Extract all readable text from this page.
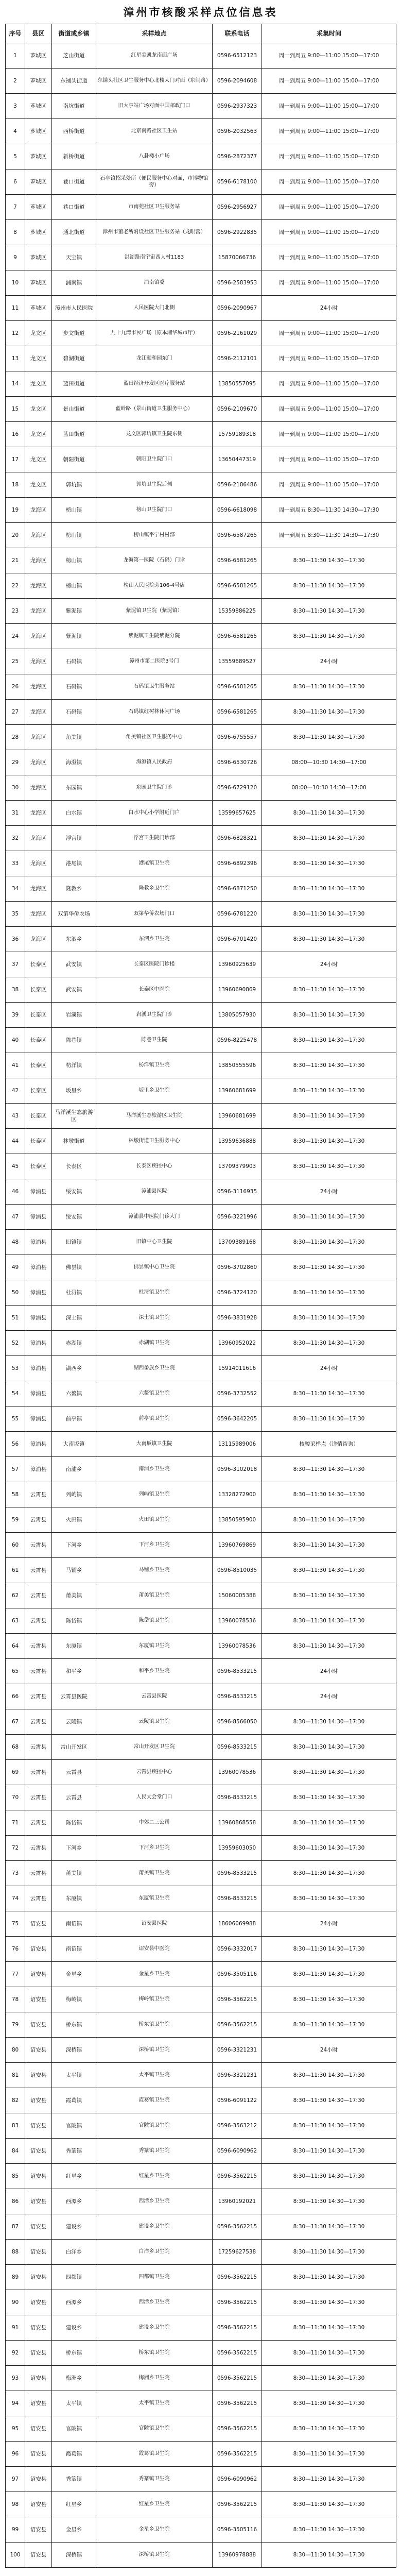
漳州市核酸采样点位信息表
序号	县区	街道或乡镇	采样地点	联系电话	采集时间
1	芗城区	芝山街道	红星美凯龙南面广场	0596-6512123	周一到周五 9:00—11:00 15:00—17:00
2	芗城区	东铺头街道	东铺头社区卫生服务中心北楼大门对面（东闽路）	0596-2094608	周一到周五 9:00—11:00 15:00—17:00
3	芗城区	南坑街道	旧大亨站广场对面中国邮政门口	0596-2937323	周一到周五 9:00—11:00 15:00—17:00
4	芗城区	西桥街道	北京南路社区卫生站	0596-2032563	周一到周五 9:00—11:00 15:00—17:00
5	芗城区	新桥街道	八卦楼小广场	0596-2872377	周一到周五 9:00—11:00 15:00—17:00
6	芗城区	巷口街道	石亭镇招采处所（便民服务中心对面，市博物馆旁）	0596-6178100	周一到周五 9:00—11:00 15:00—17:00
7	芗城区	巷口街道	市南苑社区卫生服务站	0596-2956927	周一到周五 9:00—11:00 15:00—17:00
8	芗城区	通北街道	漳州市董老所附设社区卫生服务站（龙眼营）	0596-2922835	周一到周五 9:00—11:00 15:00—17:00
9	芗城区	天宝镇	洪湖路南宇宙西人村1183	15870066736	周一到周五 9:00—11:00 15:00—17:00
10	芗城区	浦南镇	浦南镇委	0596-2583953	周一到周五 9:00—11:00 15:00—17:00
11	芗城区	漳州市人民医院	人民医院大门北侧	0596-2090967	24小时
12	龙文区	步文街道	九十九湾市民广场（原本湘华城市厅）	0596-2161029	周一到周五 9:00—11:00 15:00—17:00
13	龙文区	碧湖街道	龙江颐和园东门	0596-2112101	周一到周五 9:00—11:00 15:00—17:00
14	龙文区	蓝田街道	蓝田经济开发区医疗服务站	13850557095	周一到周五 9:00—11:00 15:00—17:00
15	龙文区	景山街道	蓝岭路（景山街道卫生服务中心）	0596-2109670	周一到周五 9:00—11:00 15:00—17:00
16	龙文区	蓝田街道	龙文区郭坑镇卫生院东侧	15759189318	周一到周五 9:00—11:00 15:00—17:00
17	龙文区	朝阳街道	朝阳卫生院门口	13650447319	周一到周五 9:00—11:00 15:00—17:00
18	龙文区	郭坑镇	郭坑卫生院后侧	0596-2186486	周一到周五 9:00—11:00 15:00—17:00
19	龙海区	榜山镇	榜山卫生院门口	0596-6618098	周一到周五 8:30—11:30 14:30—17:30
20	龙海区	榜山镇	榜山镇平宁村村部	0596-6587265	周一到周五 8:30—11:30 14:30—17:30
21	龙海区	榜山镇	龙海第一医院（石码）门诊	0596-6581265	8:30—11:30 14:30—17:30
22	龙海区	榜山镇	榜山人民医院旁106-4号店	0596-6581265	8:30—11:30 14:30—17:30
23	龙海区	紫泥镇	紫泥镇卫生院（紫泥镇）	15359886225	8:30—11:30 14:30—17:30
24	龙海区	紫泥镇	紫泥镇卫生院紫泥分院	0596-6581265	8:30—11:30 14:30—17:30
25	龙海区	石码镇	漳州市第二医院3号门	13559689527	24小时
26	龙海区	石码镇	石码镇卫生服务站	0596-6581265	8:30—11:30 14:30—17:30
27	龙海区	石码镇	石码镇红树林休闲广场	0596-6581265	8:30—11:30 14:30—17:30
28	龙海区	角美镇	角美镇社区卫生服务中心	0596-6755557	8:30—11:30 14:30—17:30
29	龙海区	海澄镇	海澄镇人民政府	0596-6530726	08:00—10:30 14:30—17:00
30	龙海区	东园镇	东园卫生院门诊	0596-6729120	08:00—10:30 14:30—17:00
31	龙海区	白水镇	白水中心小学附近门户	13599657625	8:30—11:30 14:30—17:30
32	龙海区	浮宫镇	浮宫卫生院门诊部	0596-6828321	8:30—11:30 14:30—17:30
33	龙海区	港尾镇	港尾镇卫生院	0596-6892396	8:30—11:30 14:30—17:30
34	龙海区	隆教乡	隆教乡卫生院	0596-6871250	8:30—11:30 14:30—17:30
35	龙海区	双第华侨农场	双第华侨农场门口	0596-6781220	8:30—11:30 14:30—17:30
36	龙海区	东泗乡	东泗乡卫生院	0596-6701420	8:30—11:30 14:30—17:30
37	长泰区	武安镇	长泰区医院门诊楼	13960925639	24小时
38	长泰区	武安镇	长泰区中医院	13960690869	8:30—11:30 14:30—17:30
39	长泰区	岩溪镇	岩溪卫生院门诊	13805057930	8:30—11:30 14:30—17:30
40	长泰区	陈巷镇	陈巷卫生院	0596-8225478	8:30—11:30 14:30—17:30
41	长泰区	枋洋镇	枋洋镇卫生院	13850555596	8:30—11:30 14:30—17:30
42	长泰区	坂里乡	坂里乡卫生院	13960681699	8:30—11:30 14:30—17:30
43	长泰区	马洋溪生态旅游区	马洋溪生态旅游区卫生院	13960681699	8:30—11:30 14:30—17:30
44	长泰区	林墩街道	林墩街道卫生服务中心	13959636888	8:30—11:30 14:30—17:30
45	长泰区	长泰区	长泰区疾控中心	13709379903	8:30—11:30 14:30—17:30
46	漳浦县	绥安镇	漳浦县医院	0596-3116935	24小时
47	漳浦县	绥安镇	漳浦县中医院门诊大门	0596-3221996	8:30—11:30 14:30—17:30
48	漳浦县	旧镇镇	旧镇中心卫生院	13709389168	8:30—11:30 14:30—17:30
49	漳浦县	佛昙镇	佛昙镇中心卫生院	0596-3702860	8:30—11:30 14:30—17:30
50	漳浦县	杜浔镇	杜浔镇卫生院	0596-3724120	8:30—11:30 14:30—17:30
51	漳浦县	深土镇	深土镇卫生院	0596-3831928	8:30—11:30 14:30—17:30
52	漳浦县	赤湖镇	赤湖镇卫生院	13960952022	8:30—11:30 14:30—17:30
53	漳浦县	湖西乡	湖西畲族乡卫生院	15914011616	24小时
54	漳浦县	六鳌镇	六鳌镇卫生院	0596-3732552	8:30—11:30 14:30—17:30
55	漳浦县	前亭镇	前亭镇卫生院	0596-3642205	8:30—11:30 14:30—17:30
56	漳浦县	大南坂镇	大南坂镇卫生院	13115989006	核酸采样点（详情咨询）
57	漳浦县	南浦乡	南浦乡卫生院	0596-3102018	8:30—11:30 14:30—17:30
58	云霄县	列屿镇	列屿镇卫生院	13328272900	8:30—11:30 14:30—17:30
59	云霄县	火田镇	火田镇卫生院	13850595900	8:30—11:30 14:30—17:30
60	云霄县	下河乡	下河乡卫生院	13960769869	8:30—11:30 14:30—17:30
61	云霄县	马铺乡	马铺乡卫生院	0596-8510035	8:30—11:30 14:30—17:30
62	云霄县	莆美镇	莆美镇卫生院	15060005388	8:30—11:30 14:30—17:30
63	云霄县	陈岱镇	陈岱镇卫生院	13960078536	8:30—11:30 14:30—17:30
64	云霄县	东厦镇	东厦镇卫生院	13960078536	8:30—11:30 14:30—17:30
65	云霄县	和平乡	和平乡卫生院	0596-8533215	24小时
66	云霄县	云霄县医院	云霄县医院	0596-8533215	24小时
67	云霄县	云陵镇	云陵镇卫生院	0596-8566050	8:30—11:30 14:30—17:30
68	云霄县	常山开发区	常山开发区卫生院	0596-8533215	8:30—11:30 14:30—17:30
69	云霄县	云霄县	云霄县疾控中心	13960078536	8:30—11:30 14:30—17:30
70	云霄县	云霄县	人民大会堂门口	0596-8533215	8:30—11:30 14:30—17:30
71	云霄县	陈岱镇	中郊二三公司	13960868558	8:30—11:30 14:30—17:30
72	云霄县	下河乡	下河乡卫生院	13959603050	8:30—11:30 14:30—17:30
73	云霄县	莆美镇	莆美镇卫生院	0596-8533215	8:30—11:30 14:30—17:30
74	云霄县	东厦镇	东厦镇卫生院	0596-8533215	8:30—11:30 14:30—17:30
75	诏安县	南诏镇	诏安县医院	18606069988	24小时
76	诏安县	南诏镇	诏安县中医院	0596-3332017	8:30—11:30 14:30—17:30
77	诏安县	金星乡	金星乡卫生院	0596-3505116	8:30—11:30 14:30—17:30
78	诏安县	梅岭镇	梅岭镇卫生院	0596-3562215	8:30—11:30 14:30—17:30
79	诏安县	桥东镇	桥东镇卫生院	0596-3562215	8:30—11:30 14:30—17:30
80	诏安县	深桥镇	深桥镇卫生院	0596-3321231	24小时
81	诏安县	太平镇	太平镇卫生院	0596-3321231	8:30—11:30 14:30—17:30
82	诏安县	霞葛镇	霞葛镇卫生院	0596-6091122	8:30—11:30 14:30—17:30
83	诏安县	官陂镇	官陂镇卫生院	0596-3563212	8:30—11:30 14:30—17:30
84	诏安县	秀篆镇	秀篆镇卫生院	0596-6090962	8:30—11:30 14:30—17:30
85	诏安县	红星乡	红星乡卫生院	0596-3562215	8:30—11:30 14:30—17:30
86	诏安县	西潭乡	西潭乡卫生院	13960192021	8:30—11:30 14:30—17:30
87	诏安县	建设乡	建设乡卫生院	0596-3562215	8:30—11:30 14:30—17:30
88	诏安县	白洋乡	白洋乡卫生院	17259627538	8:30—11:30 14:30—17:30
89	诏安县	四都镇	四都镇卫生院	0596-3562215	8:30—11:30 14:30—17:30
90	诏安县	西潭乡	西潭乡卫生院	0596-3562215	8:30—11:30 14:30—17:30
91	诏安县	建设乡	建设乡卫生院	0596-3562215	8:30—11:30 14:30—17:30
92	诏安县	桥东镇	桥东镇卫生院	0596-3562215	8:30—11:30 14:30—17:30
93	诏安县	梅洲乡	梅洲乡卫生院	0596-3562215	8:30—11:30 14:30—17:30
94	诏安县	太平镇	太平镇卫生院	0596-3562215	8:30—11:30 14:30—17:30
95	诏安县	官陂镇	官陂镇卫生院	0596-3562215	8:30—11:30 14:30—17:30
96	诏安县	霞葛镇	霞葛镇卫生院	0596-3562215	8:30—11:30 14:30—17:30
97	诏安县	秀篆镇	秀篆镇卫生院	0596-6090962	8:30—11:30 14:30—17:30
98	诏安县	红星乡	红星乡卫生院	0596-3562215	8:30—11:30 14:30—17:30
99	诏安县	金星乡	金星乡卫生院	0596-3505116	8:30—11:30 14:30—17:30
100	诏安县	深桥镇	深桥镇卫生院	13960978888	8:30—11:30 14:30—17:30
